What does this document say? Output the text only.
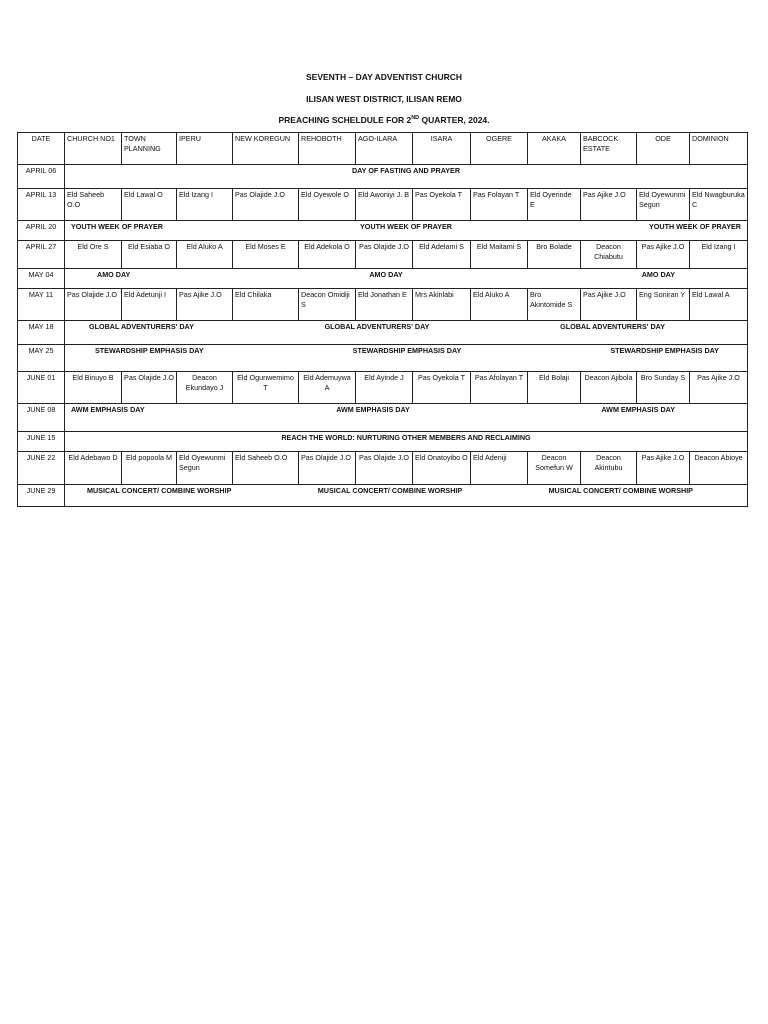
SEVENTH – DAY ADVENTIST CHURCH
ILISAN WEST DISTRICT, ILISAN REMO
PREACHING SCHELDULE FOR 2ND QUARTER, 2024.
DATE	CHURCH NO1	TOWN PLANNING	IPERU	NEW KOREGUN	REHOBOTH	AGO-ILARA	ISARA	OGERE	AKAKA	BABCOCK ESTATE	ODE	DOMINION
APRIL 06	DAY OF FASTING AND PRAYER											

APRIL 13	Eld Saheeb O.O	Eld Lawal O	Eld Izang I	Pas Olajide J.O	Eld Oyewole O	Eld Awoniyi J. B	Pas Oyekola T	Pas Folayan T	Eld Oyerinde E	Pas Ajike J.O	Eld Oyewunmi Segun	Eld Nwagburuka C
APRIL 20	YOUTH WEEK OF PRAYER YOUTH WEEK OF PRAYER YOUTH WEEK OF PRAYER											

APRIL 27	Eld Ore S	Eld Esiaba O	Eld Aluko A	Eld Moses E	Eld Adekola O	Pas Olajide J.O	Eld Adelami S	Eld Maitami S	Bro Bolade	Deacon Chiabutu	Pas Ajike J.O	Eld Izang I
MAY 04	AMO DAY AMO DAY AMO DAY											

MAY 11	Pas Olajide J.O	Eld Adetunji I	Pas Ajike J.O	Eld Chilaka	Deacon Omidiji S	Eld Jonathan E	Mrs Akinlabi	Eld Aluko A	Bro Akintomide S	Pas Ajike J.O	Eng Soniran Y	Eld Lawal A
MAY 18	GLOBAL ADVENTURERS' DAY GLOBAL ADVENTURERS' DAY GLOBAL ADVENTURERS' DAY											

MAY 25	STEWARDSHIP EMPHASIS DAY STEWARDSHIP EMPHASIS DAY STEWARDSHIP EMPHASIS DAY											

JUNE 01	Eld Binuyo B	Pas Olajide J.O	Deacon Ekundayo J	Eld Ogunwemimo T	Eld Ademuywa A	Eld Ayinde J	Pas Oyekola T	Pas Afolayan T	Eld Bolaji	Deacon Ajibola	Bro Sunday S	Pas Ajike J.O
JUNE 08	AWM EMPHASIS DAY AWM EMPHASIS DAY AWM EMPHASIS DAY											

JUNE 15	REACH THE WORLD: NURTURING OTHER MEMBERS AND RECLAIMING											

JUNE 22	Eld Adebawo D	Eld popoola M	Eld Oyewunmi Segun	Eld Saheeb O.O	Pas Olajide J.O	Pas Olajide J.O	Eld Onatoyibo O	Eld Adeniji	Deacon Somefun W	Deacon Akintubu	Pas Ajike J.O	Deacon Abioye
JUNE 29	MUSICAL CONCERT/ COMBINE WORSHIP MUSICAL CONCERT/ COMBINE WORSHIP MUSICAL CONCERT/ COMBINE WORSHIP											
